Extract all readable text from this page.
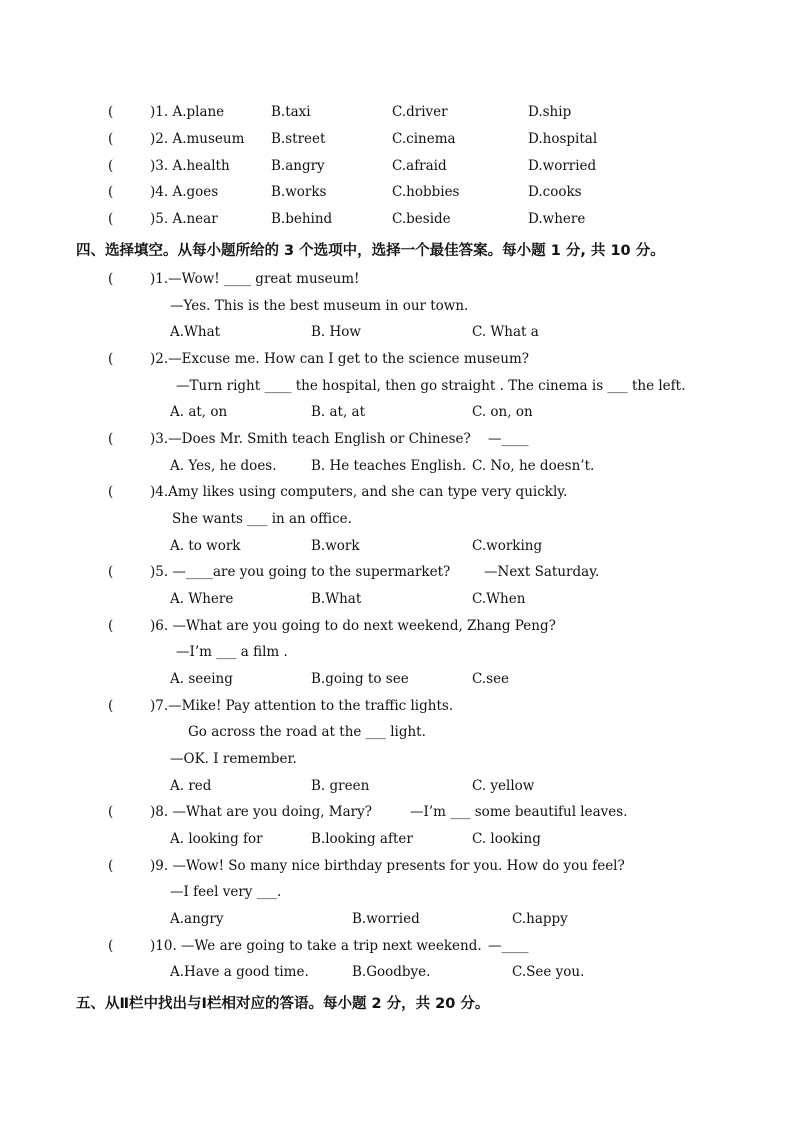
(	)1. A.plane	B.taxi	C.driver	D.ship
(	)2. A.museum B.street	C.cinema	D.hospital
(	)3. A.health	B.angry	C.afraid	D.worried
(	)4. A.goes	B.works	C.hobbies	D.cooks
(	)5. A.near	B.behind	C.beside	D.where
四、选择填空。从每小题所给的 3 个选项中，选择一个最佳答案。每小题 1 分, 共 10 分。
(	)1.—Wow! ____ great museum!
—Yes. This is the best museum in our town.
A.What	B. How	C. What a
(	)2.—Excuse me. How can I get to the science museum?
—Turn right ____ the hospital, then go straight . The cinema is ___ the left.
A. at, on	B. at, at	C. on, on
(	)3.—Does Mr. Smith teach English or Chinese? —____
A. Yes, he does.	B. He teaches English. C. No, he doesn’t.
(	)4.Amy likes using computers, and she can type very quickly.
She wants ___ in an office.
A. to work	B.work	C.working
(	)5. —____are you going to the supermarket? —Next Saturday.
A. Where	B.What	C.When
(	)6. —What are you going to do next weekend, Zhang Peng?
—I’m ___ a film .
A. seeing	B.going to see	C.see
(	)7.—Mike! Pay attention to the traffic lights.
Go across the road at the ___ light.
—OK. I remember.
A. red	B. green	C. yellow
(	)8. —What are you doing, Mary?	—I’m ___ some beautiful leaves.
A. looking for	B.looking after	C. looking
(	)9. —Wow! So many nice birthday presents for you. How do you feel?
—I feel very ___.
A.angry	B.worried	C.happy
(	)10. —We are going to take a trip next weekend. —____
A.Have a good time.	B.Goodbye.	C.See you.
五、从Ⅱ栏中找出与Ⅰ栏相对应的答语。每小题 2 分，共 20 分。
